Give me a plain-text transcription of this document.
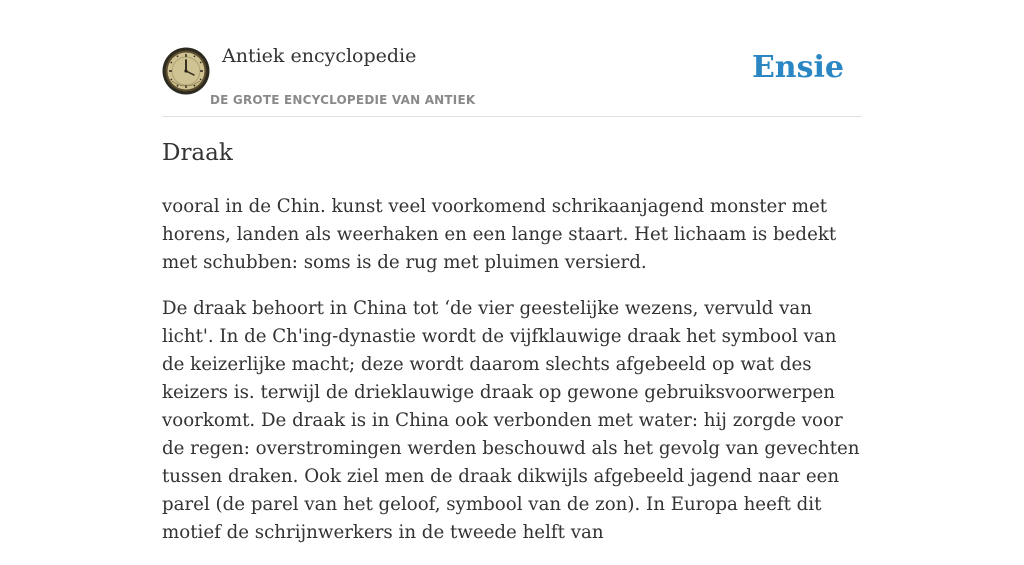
Antiek encyclopedie
DE GROTE ENCYCLOPEDIE VAN ANTIEK
Ensie
Draak

vooral in de Chin. kunst veel voorkomend schrikaanjagend monster met horens, landen als weerhaken en een lange staart. Het lichaam is bedekt met schubben: soms is de rug met pluimen versierd.

De draak behoort in China tot ‘de vier geestelijke wezens, vervuld van licht'. In de Ch'ing-dynastie wordt de vijfklauwige draak het symbool van de keizerlijke macht; deze wordt daarom slechts afgebeeld op wat des keizers is. terwijl de drieklauwige draak op gewone gebruiksvoorwerpen voorkomt. De draak is in China ook verbonden met water: hij zorgde voor de regen: overstromingen werden beschouwd als het gevolg van gevechten tussen draken. Ook ziel men de draak dikwijls afgebeeld jagend naar een parel (de parel van het geloof, symbool van de zon). In Europa heeft dit motief de schrijnwerkers in de tweede helft van
